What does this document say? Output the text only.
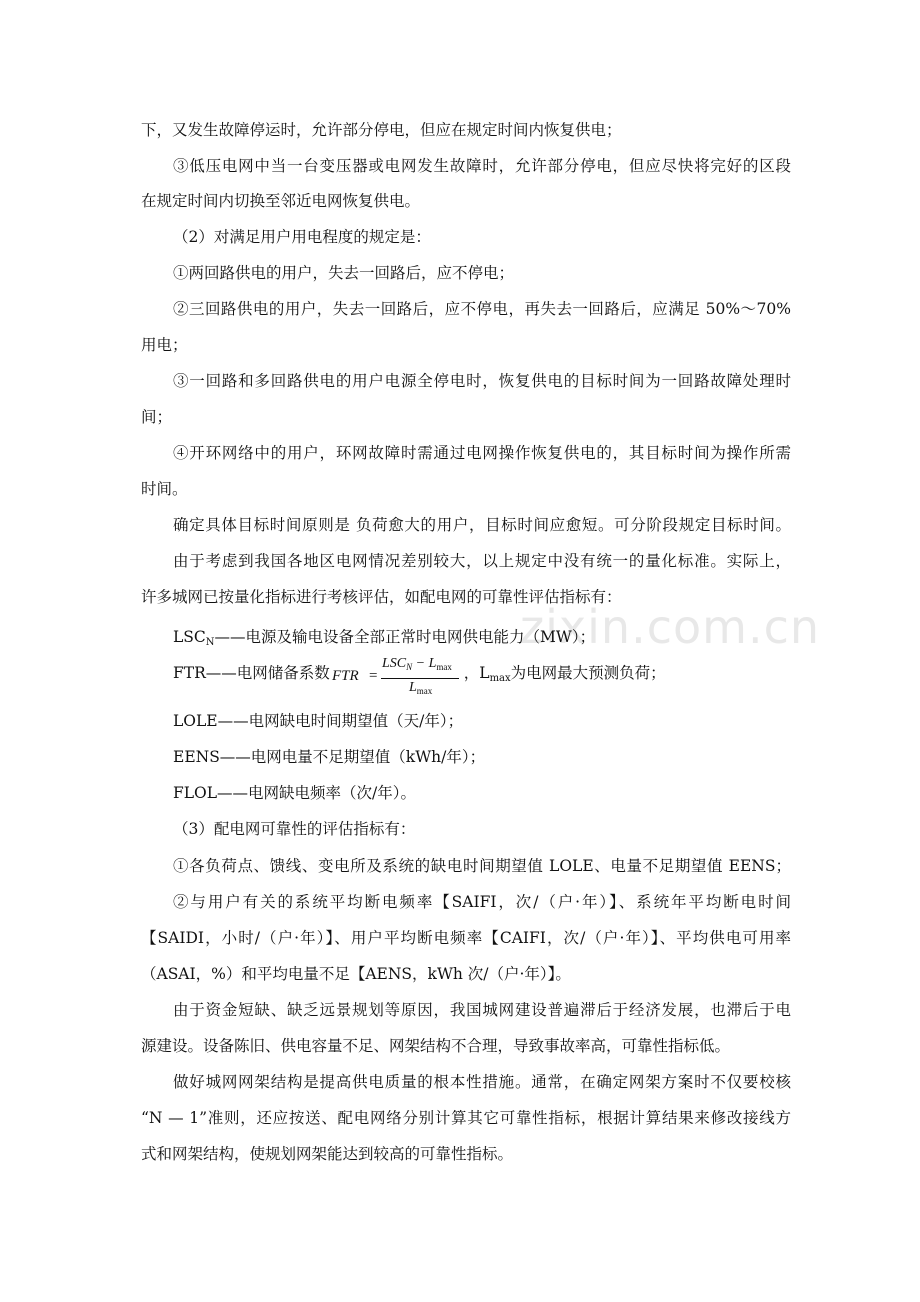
zixin.com.cn
下，又发生故障停运时，允许部分停电，但应在规定时间内恢复供电；
③低压电网中当一台变压器或电网发生故障时，允许部分停电，但应尽快将完好的区段
在规定时间内切换至邻近电网恢复供电。
（2）对满足用户用电程度的规定是：
①两回路供电的用户，失去一回路后，应不停电；
②三回路供电的用户，失去一回路后，应不停电，再失去一回路后，应满足 50%～70%
用电；
③一回路和多回路供电的用户电源全停电时，恢复供电的目标时间为一回路故障处理时
间；
④开环网络中的用户，环网故障时需通过电网操作恢复供电的，其目标时间为操作所需
时间。
确定具体目标时间原则是 负荷愈大的用户，目标时间应愈短。可分阶段规定目标时间。
由于考虑到我国各地区电网情况差别较大，以上规定中没有统一的量化标准。实际上，
许多城网已按量化指标进行考核评估，如配电网的可靠性评估指标有：
$LSC_N——$电源及输电设备全部正常时电网供电能力（MW）；
FTR——电网储备系数	，$L_{max}$为电网最大预测负荷；
FTR =
$LSC_N - L_{max}$
$L_{max}$
LOLE——电网缺电时间期望值（天/年）；
EENS——电网电量不足期望值（kWh/年）；
FLOL——电网缺电频率（次/年）。
（3）配电网可靠性的评估指标有：
①各负荷点、馈线、变电所及系统的缺电时间期望值 LOLE、电量不足期望值 EENS；
②与用户有关的系统平均断电频率【SAIFI，次/（户·年）】、系统年平均断电时间
【SAIDI，小时/（户·年）】、用户平均断电频率【CAIFI，次/（户·年）】、平均供电可用率
（ASAI，%）和平均电量不足【AENS，kWh 次/（户·年）】。
由于资金短缺、缺乏远景规划等原因，我国城网建设普遍滞后于经济发展，也滞后于电
源建设。设备陈旧、供电容量不足、网架结构不合理，导致事故率高，可靠性指标低。
做好城网网架结构是提高供电质量的根本性措施。通常，在确定网架方案时不仅要校核
“N — 1”准则，还应按送、配电网络分别计算其它可靠性指标，根据计算结果来修改接线方
式和网架结构，使规划网架能达到较高的可靠性指标。
